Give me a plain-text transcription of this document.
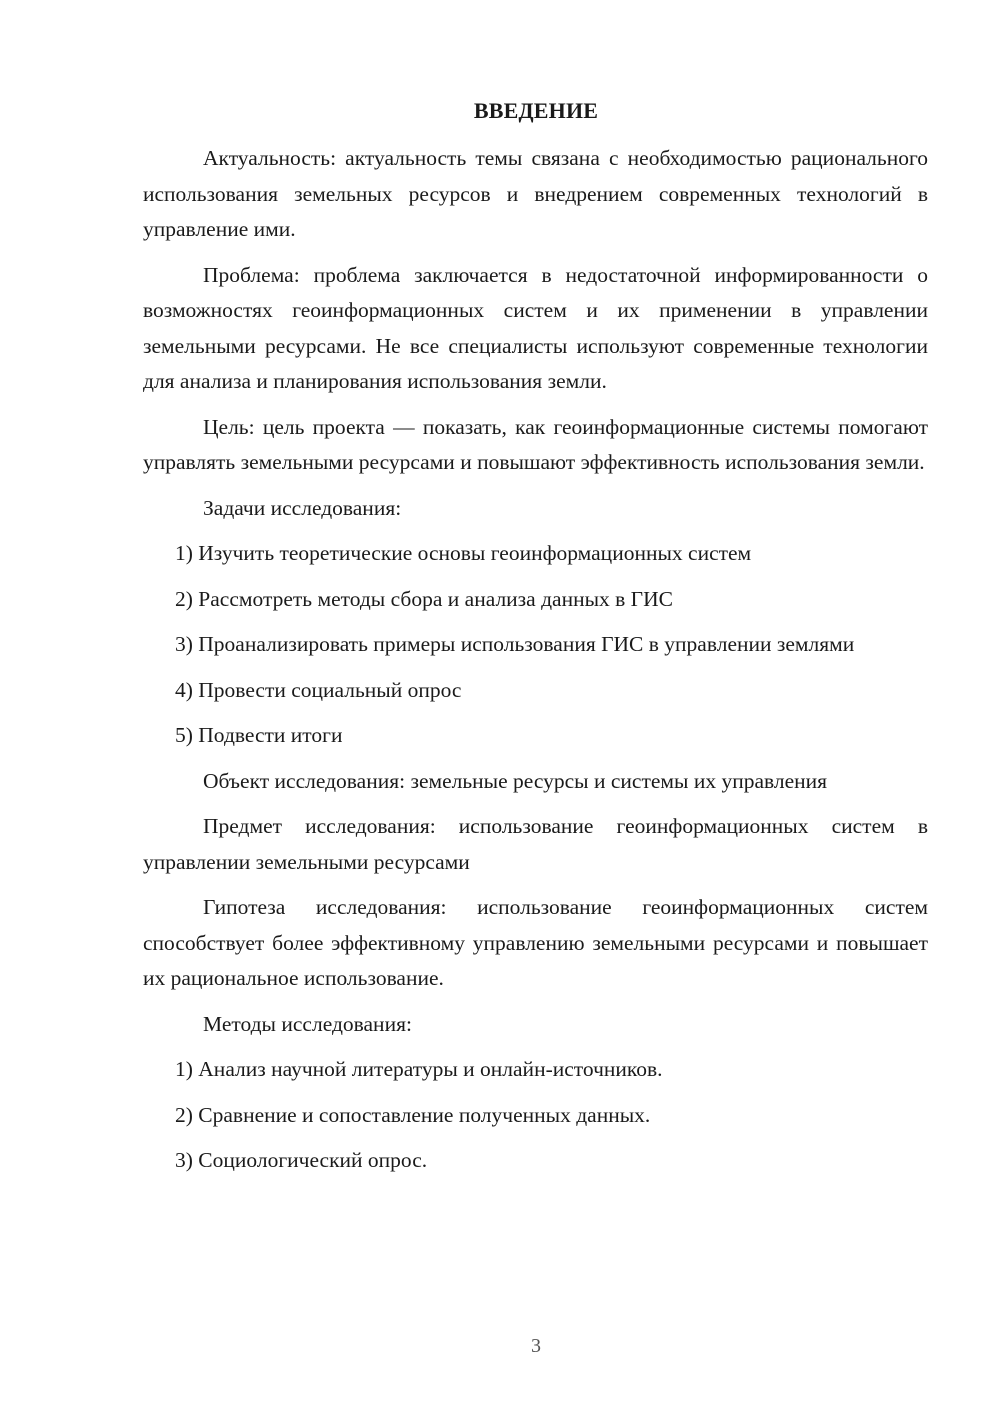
ВВЕДЕНИЕ

Актуальность: актуальность темы связана с необходимостью рационального использования земельных ресурсов и внедрением современных технологий в управление ими.

Проблема: проблема заключается в недостаточной информированности о возможностях геоинформационных систем и их применении в управлении земельными ресурсами. Не все специалисты используют современные технологии для анализа и планирования использования земли.

Цель: цель проекта — показать, как геоинформационные системы помогают управлять земельными ресурсами и повышают эффективность использования земли.

Задачи исследования:

1) Изучить теоретические основы геоинформационных систем

2) Рассмотреть методы сбора и анализа данных в ГИС

3) Проанализировать примеры использования ГИС в управлении землями

4) Провести социальный опрос

5) Подвести итоги

Объект исследования: земельные ресурсы и системы их управления

Предмет исследования: использование геоинформационных систем в управлении земельными ресурсами

Гипотеза исследования: использование геоинформационных систем способствует более эффективному управлению земельными ресурсами и повышает их рациональное использование.

Методы исследования:

1) Анализ научной литературы и онлайн-источников.

2) Сравнение и сопоставление полученных данных.

3) Социологический опрос.

3
